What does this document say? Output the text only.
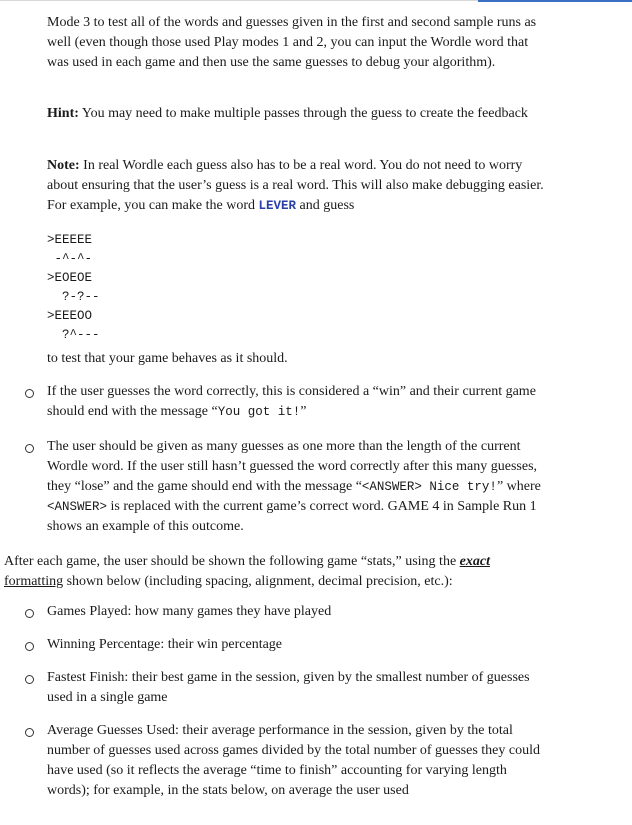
Mode 3 to test all of the words and guesses given in the first and second sample runs as well (even though those used Play modes 1 and 2, you can input the Wordle word that was used in each game and then use the same guesses to debug your algorithm).

Hint: You may need to make multiple passes through the guess to create the feedback

Note: In real Wordle each guess also has to be a real word. You do not need to worry about ensuring that the user’s guess is a real word. This will also make debugging easier. For example, you can make the word LEVER and guess

>EEEEE
-^-^-
>EOEOE
?-?--
>EEEOO
?^---

to test that your game behaves as it should.

If the user guesses the word correctly, this is considered a “win” and their current game should end with the message “You got it!”

The user should be given as many guesses as one more than the length of the current Wordle word. If the user still hasn’t guessed the word correctly after this many guesses, they “lose” and the game should end with the message “<ANSWER> Nice try!” where <ANSWER> is replaced with the current game’s correct word. GAME 4 in Sample Run 1 shows an example of this outcome.

After each game, the user should be shown the following game “stats,” using the exact
formatting shown below (including spacing, alignment, decimal precision, etc.):

Games Played: how many games they have played

Winning Percentage: their win percentage

Fastest Finish: their best game in the session, given by the smallest number of guesses used in a single game

Average Guesses Used: their average performance in the session, given by the total number of guesses used across games divided by the total number of guesses they could have used (so it reflects the average “time to finish” accounting for varying length words); for example, in the stats below, on average the user used
